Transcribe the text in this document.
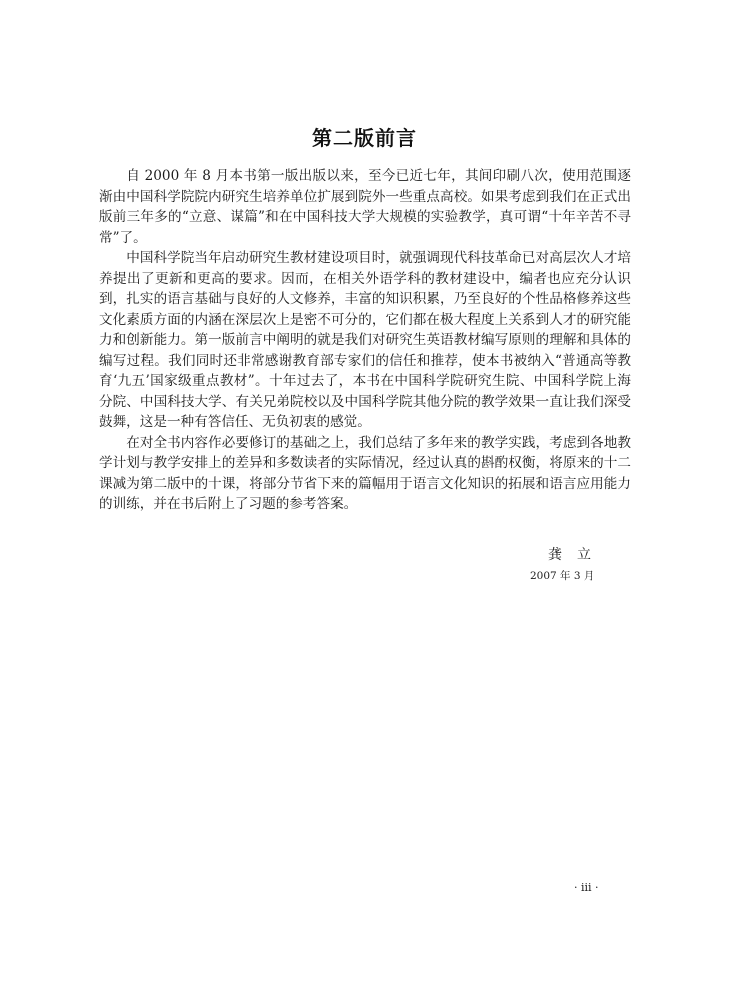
第二版前言

自 2000 年 8 月本书第一版出版以来，至今已近七年，其间印刷八次，使用范围逐渐由中国科学院院内研究生培养单位扩展到院外一些重点高校。如果考虑到我们在正式出版前三年多的“立意、谋篇”和在中国科技大学大规模的实验教学，真可谓“十年辛苦不寻常”了。

中国科学院当年启动研究生教材建设项目时，就强调现代科技革命已对高层次人才培养提出了更新和更高的要求。因而，在相关外语学科的教材建设中，编者也应充分认识到，扎实的语言基础与良好的人文修养，丰富的知识积累，乃至良好的个性品格修养这些文化素质方面的内涵在深层次上是密不可分的，它们都在极大程度上关系到人才的研究能力和创新能力。第一版前言中阐明的就是我们对研究生英语教材编写原则的理解和具体的编写过程。我们同时还非常感谢教育部专家们的信任和推荐，使本书被纳入“普通高等教育‘九五’国家级重点教材”。十年过去了，本书在中国科学院研究生院、中国科学院上海分院、中国科技大学、有关兄弟院校以及中国科学院其他分院的教学效果一直让我们深受鼓舞，这是一种有答信任、无负初衷的感觉。

在对全书内容作必要修订的基础之上，我们总结了多年来的教学实践，考虑到各地教学计划与教学安排上的差异和多数读者的实际情况，经过认真的斟酌权衡，将原来的十二课减为第二版中的十课，将部分节省下来的篇幅用于语言文化知识的拓展和语言应用能力的训练，并在书后附上了习题的参考答案。

龚立
2007 年 3 月
· iii ·
